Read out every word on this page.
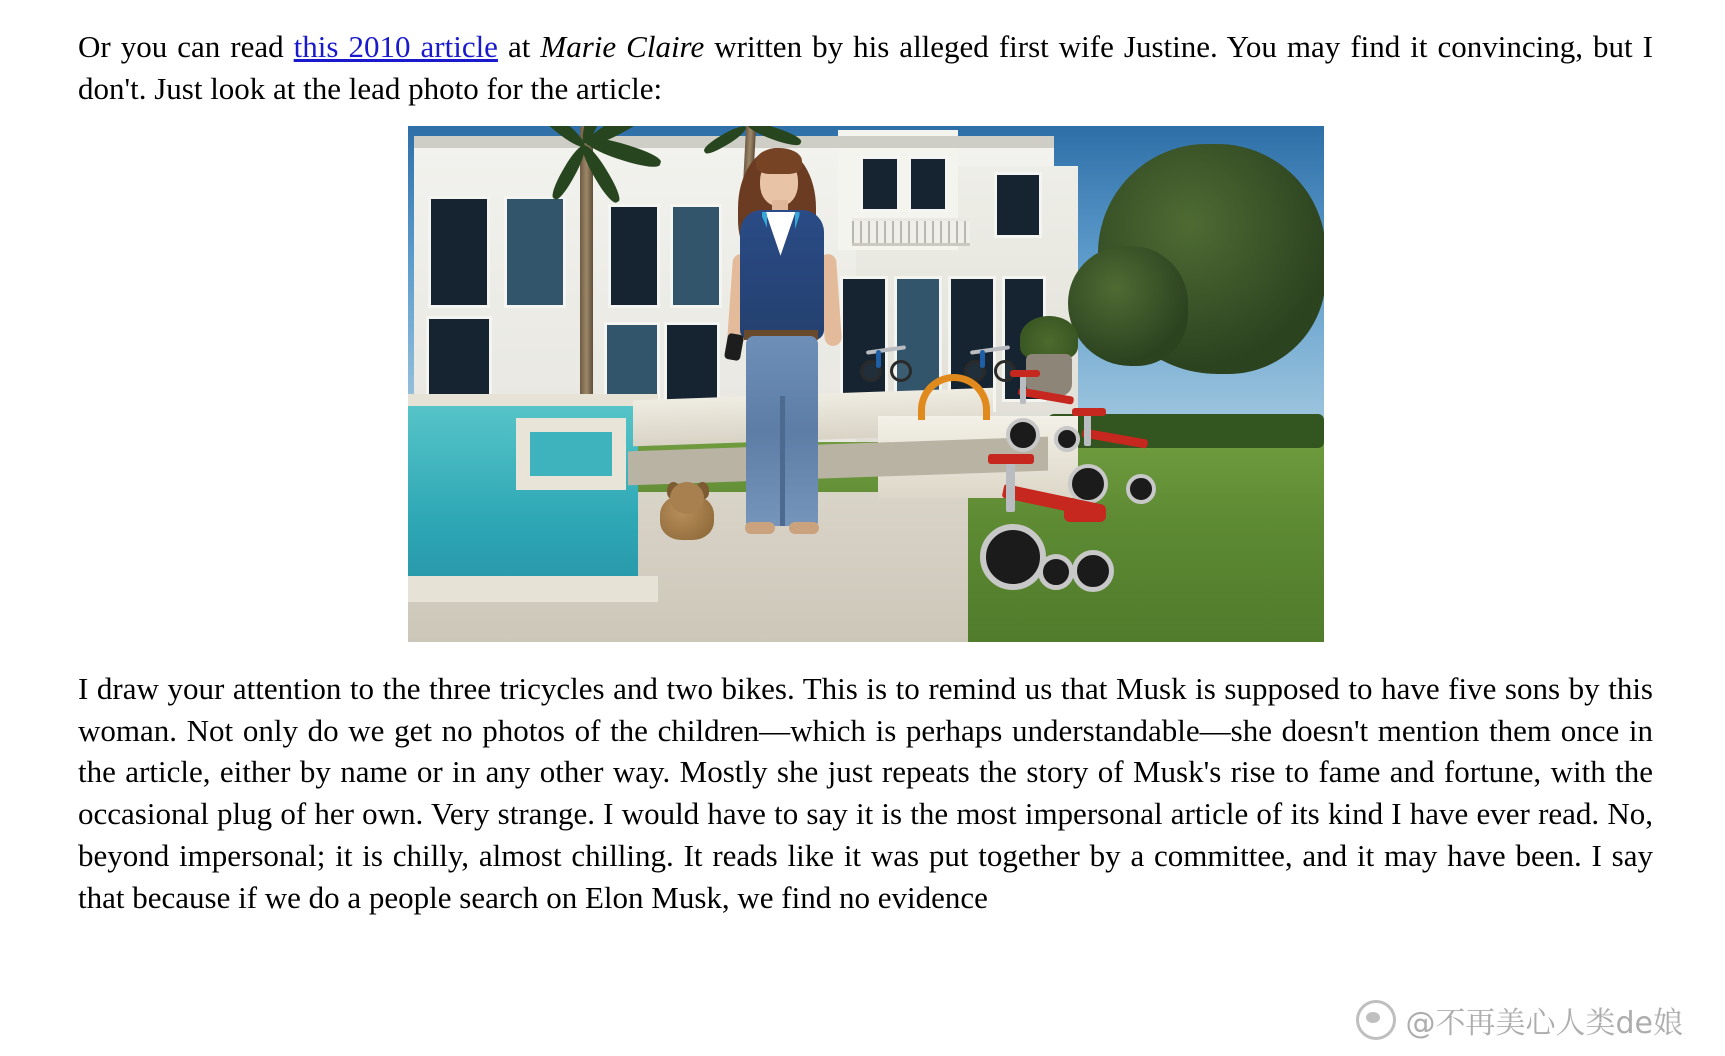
Or you can read this 2010 article at Marie Claire written by his alleged first wife Justine. You may find it convincing, but I don't. Just look at the lead photo for the article:

I draw your attention to the three tricycles and two bikes. This is to remind us that Musk is supposed to have five sons by this woman. Not only do we get no photos of the children—which is perhaps understandable—she doesn't mention them once in the article, either by name or in any other way. Mostly she just repeats the story of Musk's rise to fame and fortune, with the occasional plug of her own. Very strange. I would have to say it is the most impersonal article of its kind I have ever read. No, beyond impersonal; it is chilly, almost chilling. It reads like it was put together by a committee, and it may have been. I say that because if we do a people search on Elon Musk, we find no evidence

@不再美心人类de娘
